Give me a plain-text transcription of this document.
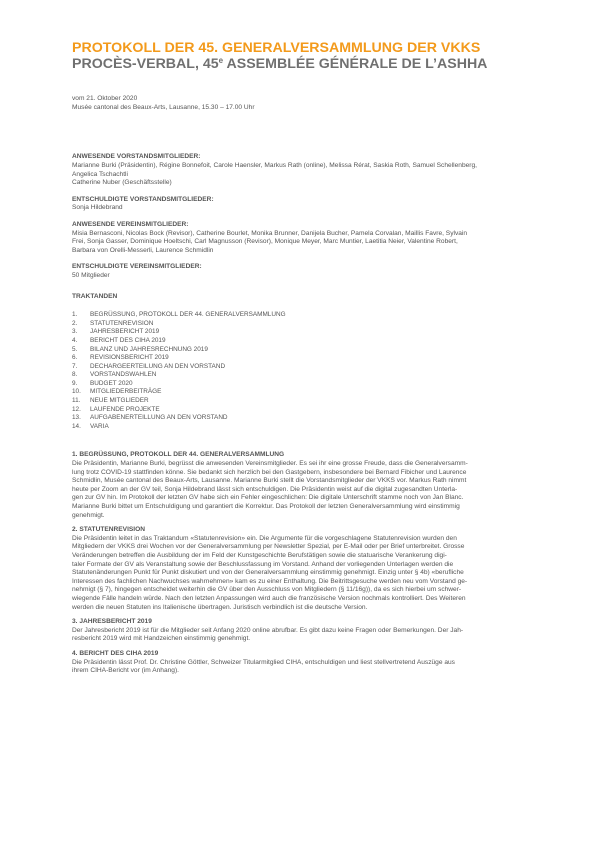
PROTOKOLL DER 45. GENERALVERSAMMLUNG DER VKKS
PROCÈS-VERBAL, 45e ASSEMBLÉE GÉNÉRALE DE L’ASHHA
vom 21. Oktober 2020
Musée cantonal des Beaux-Arts, Lausanne, 15.30 – 17.00 Uhr
ANWESENDE VORSTANDSMITGLIEDER:
Marianne Burki (Präsidentin), Régine Bonnefoit, Carole Haensler, Markus Rath (online), Melissa Rérat, Saskia Roth, Samuel Schellenberg,
Angelica Tschachtli
Catherine Nuber (Geschäftsstelle)
ENTSCHULDIGTE VORSTANDSMITGLIEDER:
Sonja Hildebrand
ANWESENDE VEREINSMITGLIEDER:
Misia Bernasconi, Nicolas Bock (Revisor), Catherine Bourlet, Monika Brunner, Danijela Bucher, Pamela Corvalan, Maillis Favre, Sylvain
Frei, Sonja Gasser, Dominique Hoeltschi, Carl Magnusson (Revisor), Monique Meyer, Marc Muntier, Laetitia Neier, Valentine Robert,
Barbara von Orelli-Messerli, Laurence Schmidlin
ENTSCHULDIGTE VEREINSMITGLIEDER:
50 Mitglieder
TRAKTANDEN
1.	BEGRÜSSUNG, PROTOKOLL DER 44. GENERALVERSAMMLUNG
2.	STATUTENREVISION
3.	JAHRESBERICHT 2019
4.	BERICHT DES CIHA 2019
5.	BILANZ UND JAHRESRECHNUNG 2019
6.	REVISIONSBERICHT 2019
7.	DECHARGEERTEILUNG AN DEN VORSTAND
8.	VORSTANDSWAHLEN
9.	BUDGET 2020
10.	MITGLIEDERBEITRÄGE
11.	NEUE MITGLIEDER
12.	LAUFENDE PROJEKTE
13.	AUFGABENERTEILLUNG AN DEN VORSTAND
14.	VARIA
1. BEGRÜSSUNG, PROTOKOLL DER 44. GENERALVERSAMMLUNG
Die Präsidentin, Marianne Burki, begrüsst die anwesenden Vereinsmitglieder. Es sei ihr eine grosse Freude, dass die Generalversamm-
lung trotz COVID-19 stattfinden könne. Sie bedankt sich herzlich bei den Gastgebern, insbesondere bei Bernard Fibicher und Laurence
Schmidlin, Musée cantonal des Beaux-Arts, Lausanne. Marianne Burki stellt die Vorstandsmitglieder der VKKS vor. Markus Rath nimmt
heute per Zoom an der GV teil, Sonja Hildebrand lässt sich entschuldigen. Die Präsidentin weist auf die digital zugesandten Unterla-
gen zur GV hin. Im Protokoll der letzten GV habe sich ein Fehler eingeschlichen: Die digitale Unterschrift stamme noch von Jan Blanc.
Marianne Burki bittet um Entschuldigung und garantiert die Korrektur. Das Protokoll der letzten Generalversammlung wird einstimmig
genehmigt.
2. STATUTENREVISION
Die Präsidentin leitet in das Traktandum «Statutenrevision» ein. Die Argumente für die vorgeschlagene Statutenrevision wurden den
Mitgliedern der VKKS drei Wochen vor der Generalversammlung per Newsletter Spezial, per E-Mail oder per Brief unterbreitet. Grosse
Veränderungen betreffen die Ausbildung der im Feld der Kunstgeschichte Berufstätigen sowie die statuarische Verankerung digi-
taler Formate der GV als Veranstaltung sowie der Beschlussfassung im Vorstand. Anhand der vorliegenden Unterlagen werden die
Statutenänderungen Punkt für Punkt diskutiert und von der Generalversammlung einstimmig genehmigt. Einzig unter § 4b) «berufliche
Interessen des fachlichen Nachwuchses wahrnehmen» kam es zu einer Enthaltung. Die Beitrittsgesuche werden neu vom Vorstand ge-
nehmigt (§ 7), hingegen entscheidet weiterhin die GV über den Ausschluss von Mitgliedern (§ 11/16g)), da es sich hierbei um schwer-
wiegende Fälle handeln würde. Nach den letzten Anpassungen wird auch die französische Version nochmals kontrolliert. Des Weiteren
werden die neuen Statuten ins Italienische übertragen. Juristisch verbindlich ist die deutsche Version.
3. JAHRESBERICHT 2019
Der Jahresbericht 2019 ist für die Mitglieder seit Anfang 2020 online abrufbar. Es gibt dazu keine Fragen oder Bemerkungen. Der Jah-
resbericht 2019 wird mit Handzeichen einstimmig genehmigt.
4. BERICHT DES CIHA 2019
Die Präsidentin lässt Prof. Dr. Christine Göttler, Schweizer Titularmitglied CIHA, entschuldigen und liest stellvertretend Auszüge aus
ihrem CIHA-Bericht vor (im Anhang).
